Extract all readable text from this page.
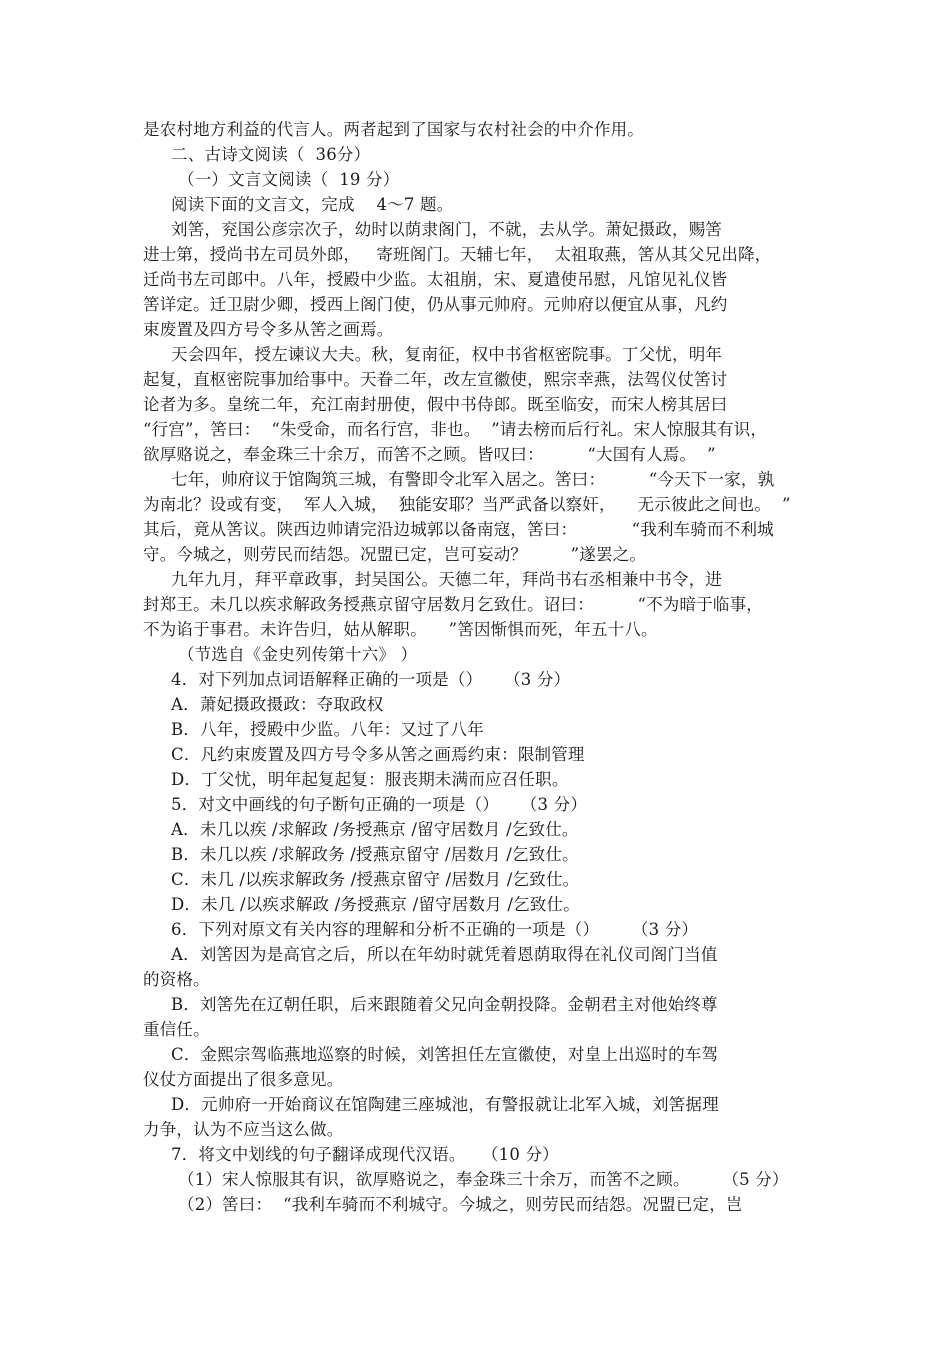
是农村地方利益的代言人。两者起到了国家与农村社会的中介作用。
二、古诗文阅读（  36分）
（一）文言文阅读（  19 分）
阅读下面的文言文，完成    4～7 题。
刘筈，兖国公彦宗次子，幼时以荫隶阁门，不就，去从学。萧妃摄政，赐筈
进士第，授尚书左司员外郎，   寄班阁门。天辅七年，  太祖取燕，筈从其父兄出降，
迁尚书左司郎中。八年，授殿中少监。太祖崩，宋、夏遣使吊慰，凡馆见礼仪皆
筈详定。迁卫尉少卿，授西上阁门使，仍从事元帅府。元帅府以便宜从事，凡约
束废置及四方号令多从筈之画焉。
天会四年，授左谏议大夫。秋，复南征，权中书省枢密院事。丁父忧，明年
起复，直枢密院事加给事中。天眷二年，改左宣徽使，熙宗幸燕，法驾仪仗筈讨
论者为多。皇统二年，充江南封册使，假中书侍郎。既至临安，而宋人榜其居曰
“行宫”，筈曰：  “朱受命，而名行宫，非也。  ”请去榜而后行礼。宋人惊服其有识，
欲厚赂说之，奉金珠三十余万，而筈不之顾。皆叹曰：        “大国有人焉。  ”
七年，帅府议于馆陶筑三城，有警即令北军入居之。筈曰：        “今天下一家，孰
为南北？设或有变，  军人入城，  独能安耶？当严武备以察奸，    无示彼此之间也。  ”
其后，竟从筈议。陕西边帅请完沿边城郭以备南寇，筈曰：          “我利车骑而不利城
守。今城之，则劳民而结怨。况盟已定，岂可妄动？        ”遂罢之。
九年九月，拜平章政事，封吴国公。天德二年，拜尚书右丞相兼中书令，进
封郑王。未几以疾求解政务授燕京留守居数月乞致仕。诏曰：        “不为暗于临事，
不为谄于事君。未许告归，姑从解职。    ”筈因惭惧而死，年五十八。
（节选自《金史列传第十六》 ）
4．对下列加点词语解释正确的一项是（）    （3 分）
A．萧妃摄政摄政：夺取政权
B．八年，授殿中少监。八年：又过了八年
C．凡约束废置及四方号令多从筈之画焉约束：限制管理
D．丁父忧，明年起复起复：服丧期未满而应召任职。
5．对文中画线的句子断句正确的一项是（）    （3 分）
A．未几以疾 /求解政 /务授燕京 /留守居数月 /乞致仕。
B．未几以疾 /求解政务 /授燕京留守 /居数月 /乞致仕。
C．未几 /以疾求解政务 /授燕京留守 /居数月 /乞致仕。
D．未几 /以疾求解政 /务授燕京 /留守居数月 /乞致仕。
6．下列对原文有关内容的理解和分析不正确的一项是（）      （3 分）
A．刘筈因为是高官之后，所以在年幼时就凭着恩荫取得在礼仪司阁门当值
的资格。
B．刘筈先在辽朝任职，后来跟随着父兄向金朝投降。金朝君主对他始终尊
重信任。
C．金熙宗驾临燕地巡察的时候，刘筈担任左宣徽使，对皇上出巡时的车驾
仪仗方面提出了很多意见。
D．元帅府一开始商议在馆陶建三座城池，有警报就让北军入城，刘筈据理
力争，认为不应当这么做。
7．将文中划线的句子翻译成现代汉语。   （10 分）
（1）宋人惊服其有识，欲厚赂说之，奉金珠三十余万，而筈不之顾。      （5 分）
（2）筈曰：  “我利车骑而不利城守。今城之，则劳民而结怨。况盟已定，岂
